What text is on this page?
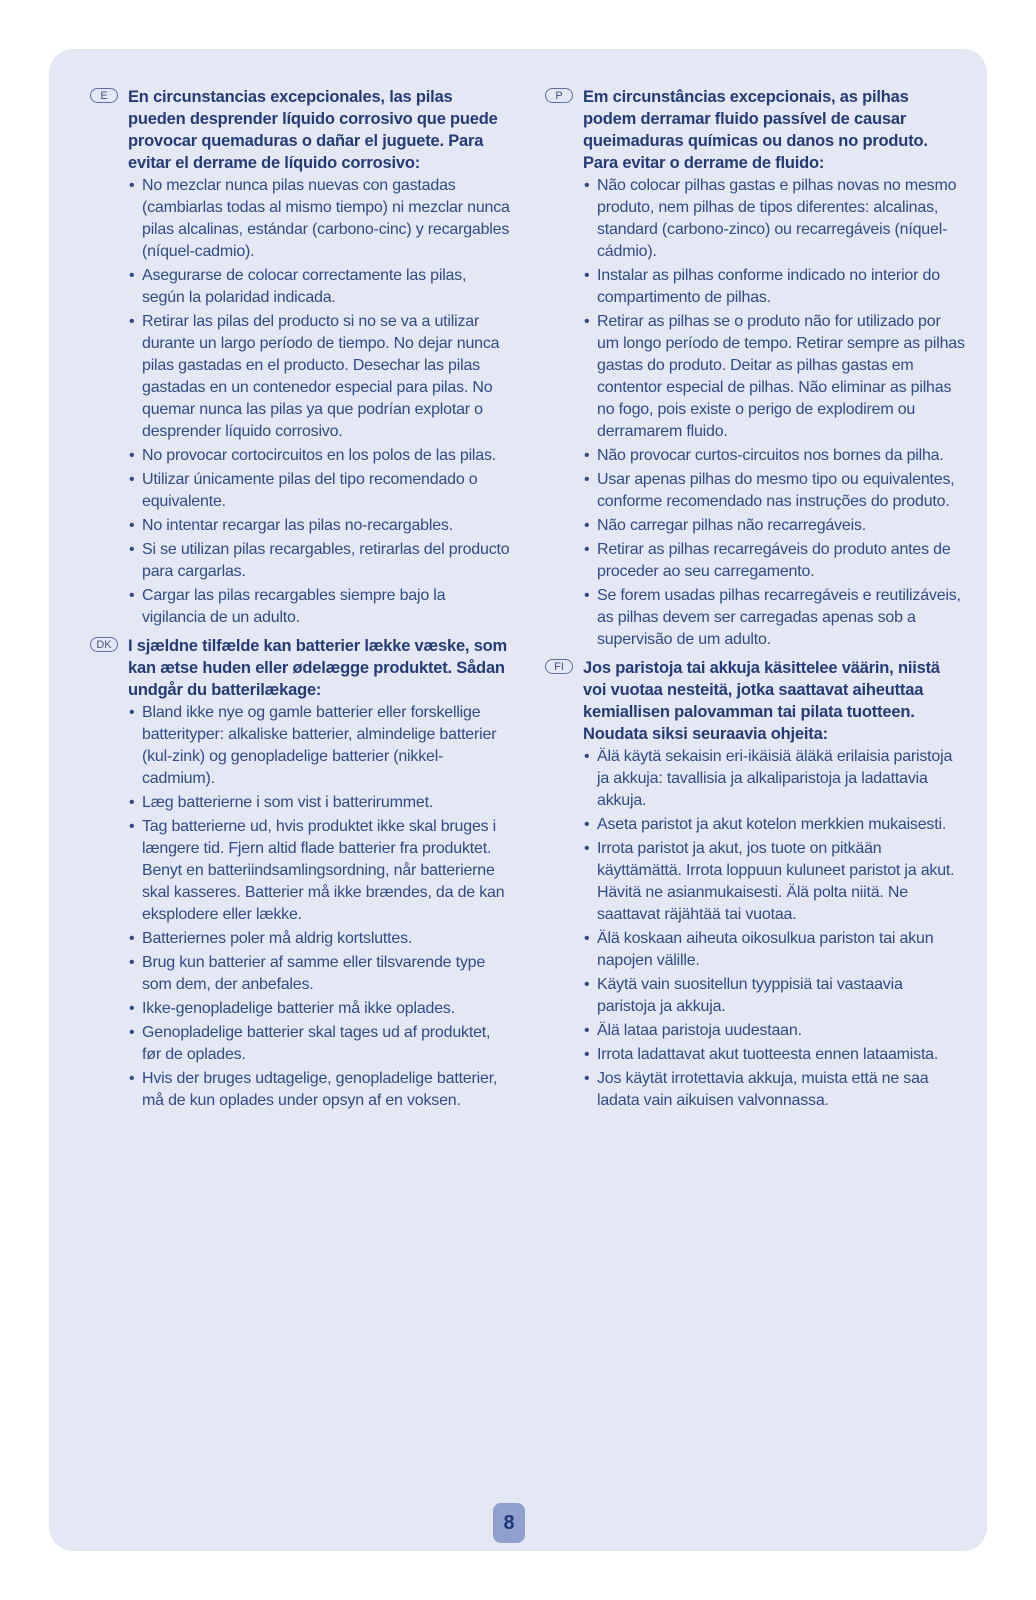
E	En circunstancias excepcionales, las pilas pueden desprender líquido corrosivo que puede provocar quemaduras o dañar el juguete. Para evitar el derrame de líquido corrosivo:

• No mezclar nunca pilas nuevas con gastadas (cambiarlas todas al mismo tiempo) ni mezclar nunca pilas alcalinas, estándar (carbono-cinc) y recargables (níquel-cadmio).
• Asegurarse de colocar correctamente las pilas, según la polaridad indicada.
• Retirar las pilas del producto si no se va a utilizar durante un largo período de tiempo. No dejar nunca pilas gastadas en el producto. Desechar las pilas gastadas en un contenedor especial para pilas. No quemar nunca las pilas ya que podrían explotar o desprender líquido corrosivo.
• No provocar cortocircuitos en los polos de las pilas.
• Utilizar únicamente pilas del tipo recomendado o equivalente.
• No intentar recargar las pilas no-recargables.
• Si se utilizan pilas recargables, retirarlas del producto para cargarlas.
• Cargar las pilas recargables siempre bajo la vigilancia de un adulto.
DK I sjældne tilfælde kan batterier lække væske, som kan ætse huden eller ødelægge produktet. Sådan undgår du batterilækage:

• Bland ikke nye og gamle batterier eller forskellige batterityper: alkaliske batterier, almindelige batterier (kul-zink) og genopladelige batterier (nikkel-cadmium).
• Læg batterierne i som vist i batterirummet.
• Tag batterierne ud, hvis produktet ikke skal bruges i længere tid. Fjern altid flade batterier fra produktet. Benyt en batteriindsamlingsordning, når batterierne skal kasseres. Batterier må ikke brændes, da de kan eksplodere eller lække.
• Batteriernes poler må aldrig kortsluttes.
• Brug kun batterier af samme eller tilsvarende type som dem, der anbefales.
• Ikke-genopladelige batterier må ikke oplades.
• Genopladelige batterier skal tages ud af produktet, før de oplades.
• Hvis der bruges udtagelige, genopladelige batterier, må de kun oplades under opsyn af en voksen.
P	Em circunstâncias excepcionais, as pilhas podem derramar fluido passível de causar queimaduras químicas ou danos no produto. Para evitar o derrame de fluido:

• Não colocar pilhas gastas e pilhas novas no mesmo produto, nem pilhas de tipos diferentes: alcalinas, standard (carbono-zinco) ou recarregáveis (níquel-cádmio).
• Instalar as pilhas conforme indicado no interior do compartimento de pilhas.
• Retirar as pilhas se o produto não for utilizado por um longo período de tempo. Retirar sempre as pilhas gastas do produto. Deitar as pilhas gastas em contentor especial de pilhas. Não eliminar as pilhas no fogo, pois existe o perigo de explodirem ou derramarem fluido.
• Não provocar curtos-circuitos nos bornes da pilha.
• Usar apenas pilhas do mesmo tipo ou equivalentes, conforme recomendado nas instruções do produto.
• Não carregar pilhas não recarregáveis.
• Retirar as pilhas recarregáveis do produto antes de proceder ao seu carregamento.
• Se forem usadas pilhas recarregáveis e reutilizáveis, as pilhas devem ser carregadas apenas sob a supervisão de um adulto.
FI	Jos paristoja tai akkuja käsittelee väärin, niistä voi vuotaa nesteitä, jotka saattavat aiheuttaa kemiallisen palovamman tai pilata tuotteen. Noudata siksi seuraavia ohjeita:

• Älä käytä sekaisin eri-ikäisiä äläkä erilaisia paristoja ja akkuja: tavallisia ja alkaliparistoja ja ladattavia akkuja.
• Aseta paristot ja akut kotelon merkkien mukaisesti.
• Irrota paristot ja akut, jos tuote on pitkään käyttämättä. Irrota loppuun kuluneet paristot ja akut. Hävitä ne asianmukaisesti. Älä polta niitä. Ne saattavat räjähtää tai vuotaa.
• Älä koskaan aiheuta oikosulkua pariston tai akun napojen välille.
• Käytä vain suositellun tyyppisiä tai vastaavia paristoja ja akkuja.
• Älä lataa paristoja uudestaan.
• Irrota ladattavat akut tuotteesta ennen lataamista.
• Jos käytät irrotettavia akkuja, muista että ne saa ladata vain aikuisen valvonnassa.
8
